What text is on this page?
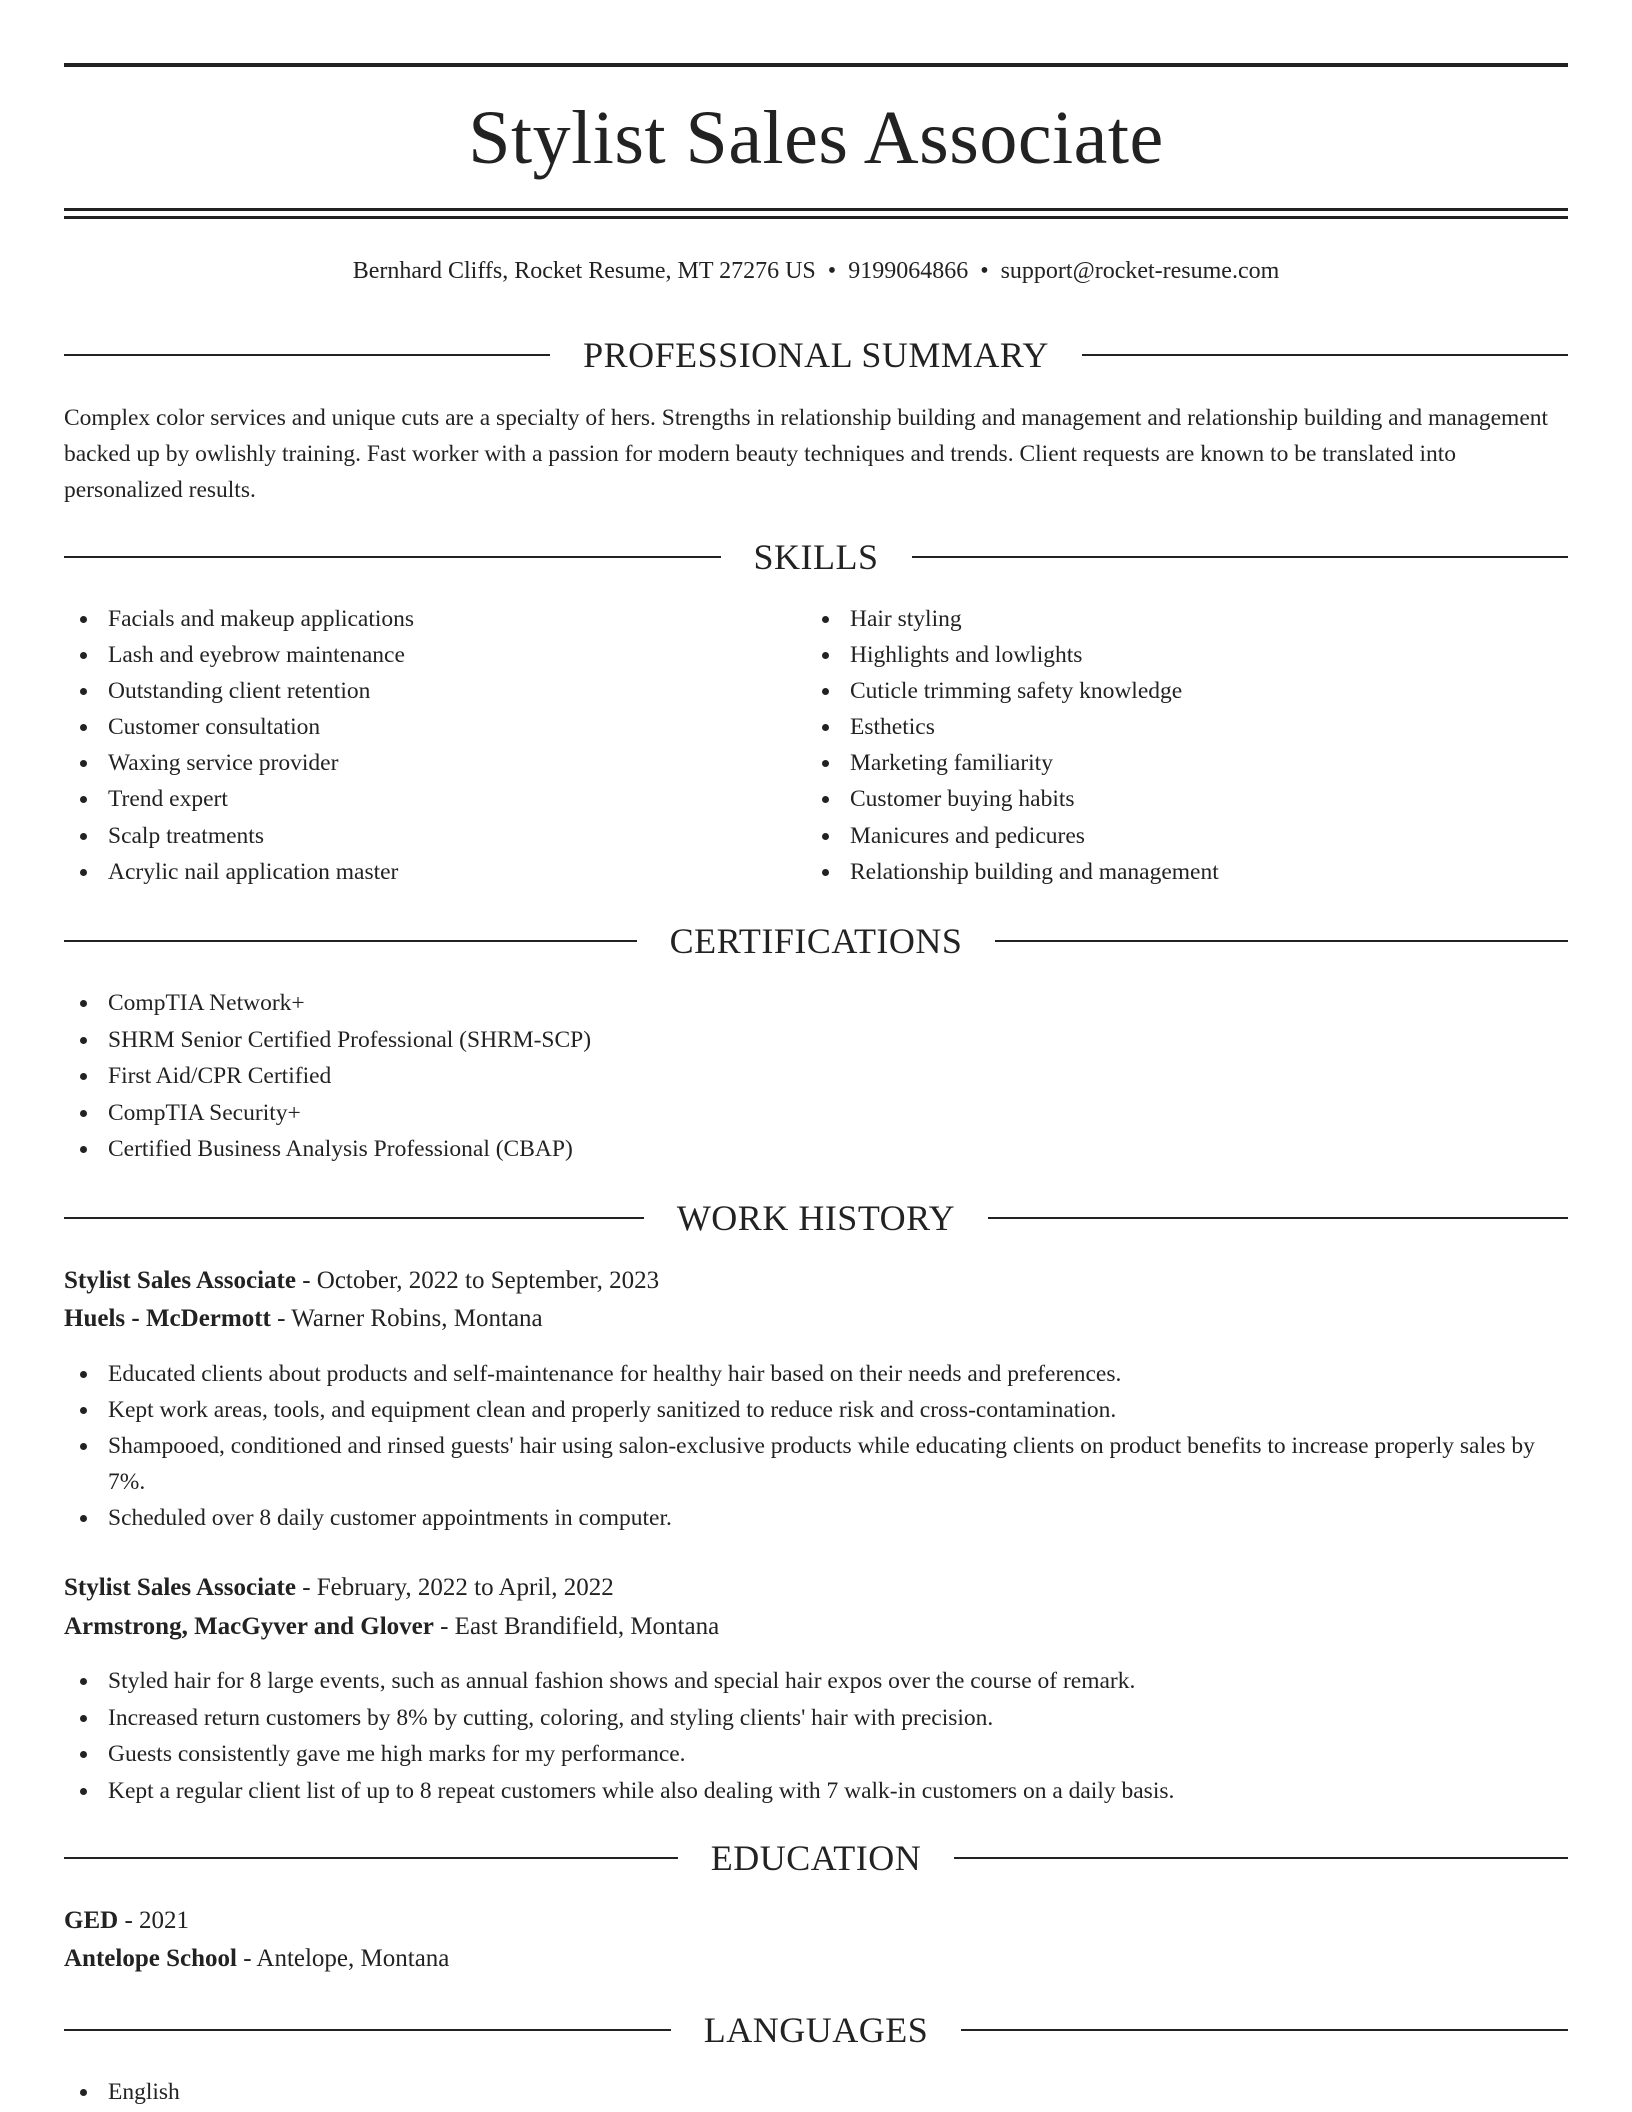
Stylist Sales Associate
Bernhard Cliffs, Rocket Resume, MT 27276 US • 9199064866 • support@rocket-resume.com
PROFESSIONAL SUMMARY
Complex color services and unique cuts are a specialty of hers. Strengths in relationship building and management and relationship building and management backed up by owlishly training. Fast worker with a passion for modern beauty techniques and trends. Client requests are known to be translated into personalized results.
SKILLS
Facials and makeup applications
Lash and eyebrow maintenance
Outstanding client retention
Customer consultation
Waxing service provider
Trend expert
Scalp treatments
Acrylic nail application master
Hair styling
Highlights and lowlights
Cuticle trimming safety knowledge
Esthetics
Marketing familiarity
Customer buying habits
Manicures and pedicures
Relationship building and management
CERTIFICATIONS
CompTIA Network+
SHRM Senior Certified Professional (SHRM-SCP)
First Aid/CPR Certified
CompTIA Security+
Certified Business Analysis Professional (CBAP)
WORK HISTORY
Stylist Sales Associate - October, 2022 to September, 2023
Huels - McDermott - Warner Robins, Montana
Educated clients about products and self-maintenance for healthy hair based on their needs and preferences.
Kept work areas, tools, and equipment clean and properly sanitized to reduce risk and cross-contamination.
Shampooed, conditioned and rinsed guests' hair using salon-exclusive products while educating clients on product benefits to increase properly sales by 7%.
Scheduled over 8 daily customer appointments in computer.
Stylist Sales Associate - February, 2022 to April, 2022
Armstrong, MacGyver and Glover - East Brandifield, Montana
Styled hair for 8 large events, such as annual fashion shows and special hair expos over the course of remark.
Increased return customers by 8% by cutting, coloring, and styling clients' hair with precision.
Guests consistently gave me high marks for my performance.
Kept a regular client list of up to 8 repeat customers while also dealing with 7 walk-in customers on a daily basis.
EDUCATION
GED - 2021
Antelope School - Antelope, Montana
LANGUAGES
English
